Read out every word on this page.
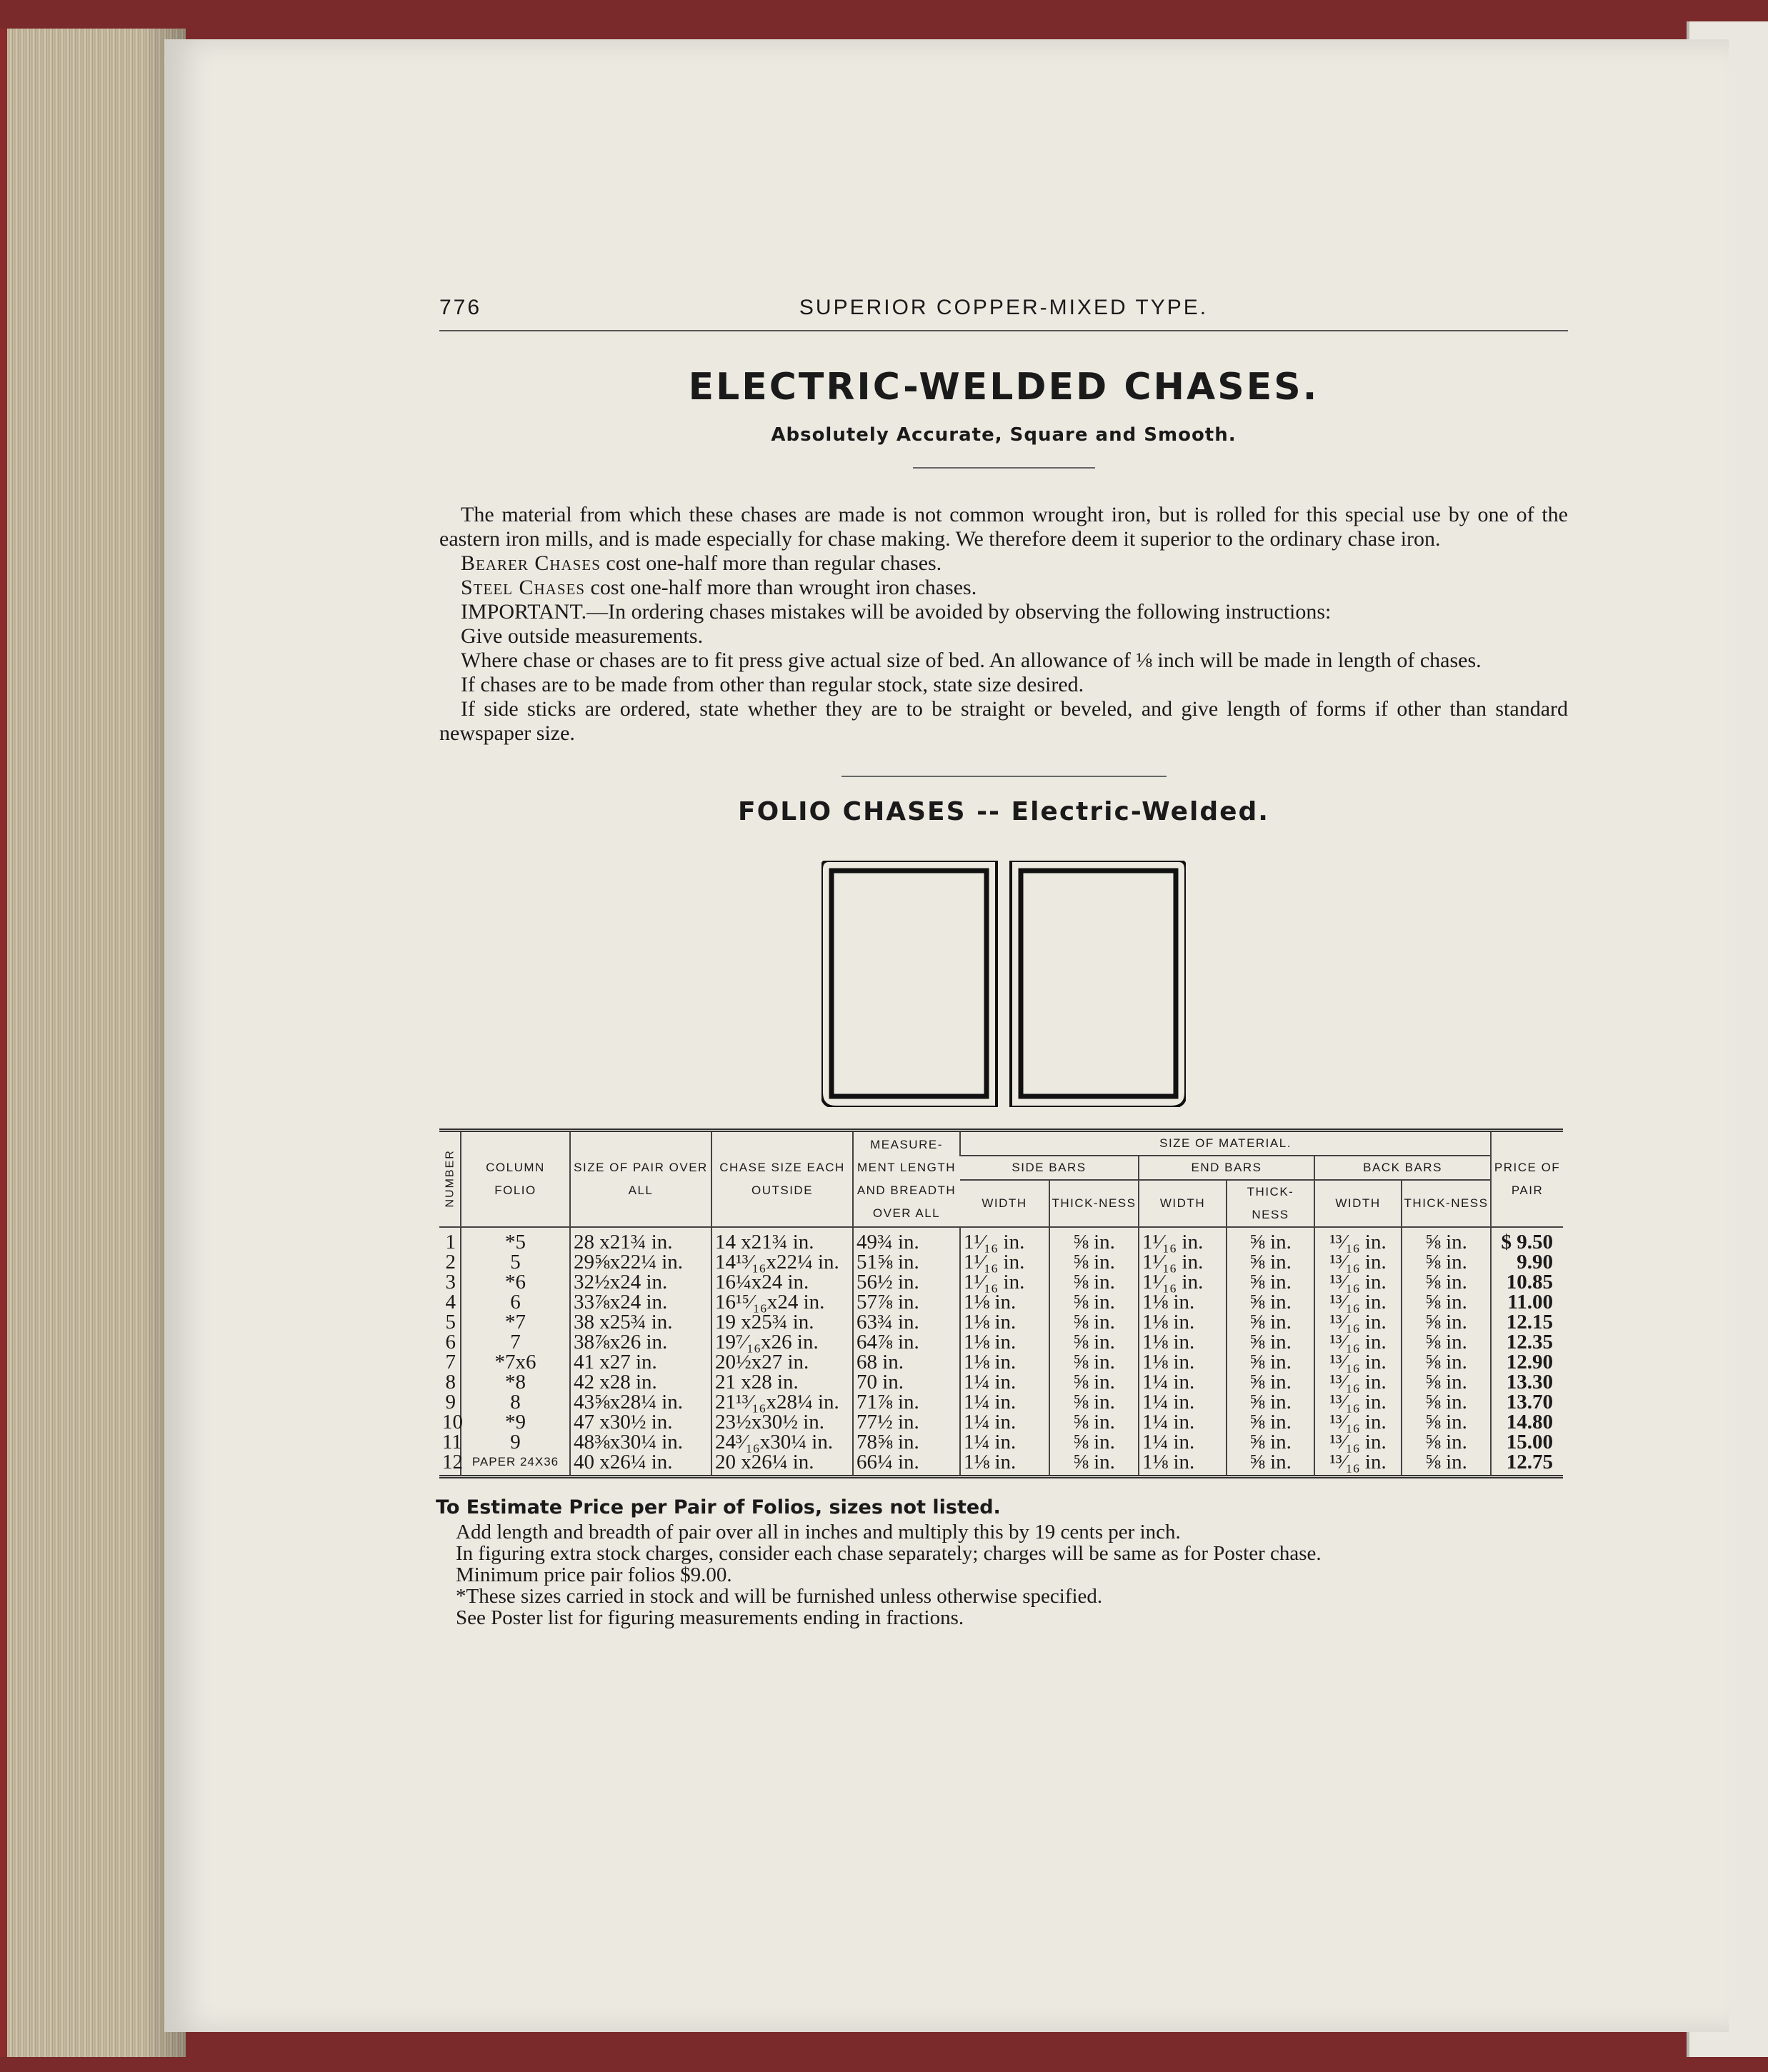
776	SUPERIOR COPPER-MIXED TYPE.
ELECTRIC-WELDED CHASES.
Absolutely Accurate, Square and Smooth.

The material from which these chases are made is not common wrought iron, but is rolled for this special use by one of the eastern iron mills, and is made especially for chase making. We therefore deem it superior to the ordinary chase iron.

Bearer Chases cost one-half more than regular chases.

Steel Chases cost one-half more than wrought iron chases.

IMPORTANT.—In ordering chases mistakes will be avoided by observing the following instructions:

Give outside measurements.

Where chase or chases are to fit press give actual size of bed. An allowance of ⅛ inch will be made in length of chases.

If chases are to be made from other than regular stock, state size desired.

If side sticks are ordered, state whether they are to be straight or beveled, and give length of forms if other than standard newspaper size.

FOLIO CHASES -- Electric-Welded.
NUMBER	COLUMN FOLIO	SIZE OF PAIR OVER ALL	CHASE SIZE EACH OUTSIDE	MEASURE-MENT LENGTH AND BREADTH OVER ALL	SIZE OF MATERIAL.						PRICE OF PAIR
					SIDE BARS		END BARS		BACK BARS		
					WIDTH	THICK-NESS	WIDTH	THICK-NESS	WIDTH	THICK-NESS	
1	*5	28 x21¾ in.	14 x21¾ in.	49¾ in.	1¹⁄₁₆ in.	⅝ in.	1¹⁄₁₆ in.	⅝ in.	¹³⁄₁₆ in.	⅝ in.	$ 9.50
2	5	29⅝x22¼ in.	14¹³⁄₁₆x22¼ in.	51⅝ in.	1¹⁄₁₆ in.	⅝ in.	1¹⁄₁₆ in.	⅝ in.	¹³⁄₁₆ in.	⅝ in.	9.90
3	*6	32½x24 in.	16¼x24 in.	56½ in.	1¹⁄₁₆ in.	⅝ in.	1¹⁄₁₆ in.	⅝ in.	¹³⁄₁₆ in.	⅝ in.	10.85
4	6	33⅞x24 in.	16¹⁵⁄₁₆x24 in.	57⅞ in.	1⅛ in.	⅝ in.	1⅛ in.	⅝ in.	¹³⁄₁₆ in.	⅝ in.	11.00
5	*7	38 x25¾ in.	19 x25¾ in.	63¾ in.	1⅛ in.	⅝ in.	1⅛ in.	⅝ in.	¹³⁄₁₆ in.	⅝ in.	12.15
6	7	38⅞x26 in.	19⁷⁄₁₆x26 in.	64⅞ in.	1⅛ in.	⅝ in.	1⅛ in.	⅝ in.	¹³⁄₁₆ in.	⅝ in.	12.35
7	*7x6	41 x27 in.	20½x27 in.	68 in.	1⅛ in.	⅝ in.	1⅛ in.	⅝ in.	¹³⁄₁₆ in.	⅝ in.	12.90
8	*8	42 x28 in.	21 x28 in.	70 in.	1¼ in.	⅝ in.	1¼ in.	⅝ in.	¹³⁄₁₆ in.	⅝ in.	13.30
9	8	43⅝x28¼ in.	21¹³⁄₁₆x28¼ in.	71⅞ in.	1¼ in.	⅝ in.	1¼ in.	⅝ in.	¹³⁄₁₆ in.	⅝ in.	13.70
10	*9	47 x30½ in.	23½x30½ in.	77½ in.	1¼ in.	⅝ in.	1¼ in.	⅝ in.	¹³⁄₁₆ in.	⅝ in.	14.80
11	9	48⅜x30¼ in.	24³⁄₁₆x30¼ in.	78⅝ in.	1¼ in.	⅝ in.	1¼ in.	⅝ in.	¹³⁄₁₆ in.	⅝ in.	15.00
12	PAPER 24X36	40 x26¼ in.	20 x26¼ in.	66¼ in.	1⅛ in.	⅝ in.	1⅛ in.	⅝ in.	¹³⁄₁₆ in.	⅝ in.	12.75
To Estimate Price per Pair of Folios, sizes not listed.

Add length and breadth of pair over all in inches and multiply this by 19 cents per inch.

In figuring extra stock charges, consider each chase separately; charges will be same as for Poster chase.

Minimum price pair folios $9.00.

*These sizes carried in stock and will be furnished unless otherwise specified.

See Poster list for figuring measurements ending in fractions.
